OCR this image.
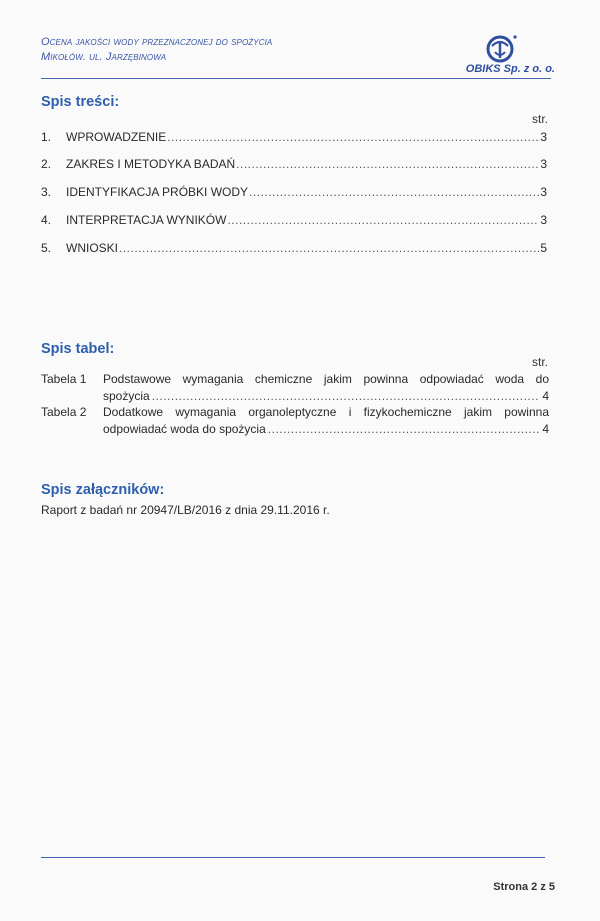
Ocena jakości wody przeznaczonej do spożycia
Mikołów. ul. Jarzębinowa
OBIKS Sp. z o. o.
Spis treści:
str.
1.	WPROWADZENIE .....	3
2.	ZAKRES I METODYKA BADAŃ .....	3
3.	IDENTYFIKACJA PRÓBKI WODY .....	3
4.	INTERPRETACJA WYNIKÓW .....	3
5.	WNIOSKI .....	5
Spis tabel:
str.
Tabela 1 Podstawowe wymagania chemiczne jakim powinna odpowiadać woda do
spożycia .....	4
Tabela 2 Dodatkowe wymagania organoleptyczne i fizykochemiczne jakim powinna
odpowiadać woda do spożycia .....	4
Spis załączników:
Raport z badań nr 20947/LB/2016 z dnia 29.11.2016 r.
Strona 2 z 5
